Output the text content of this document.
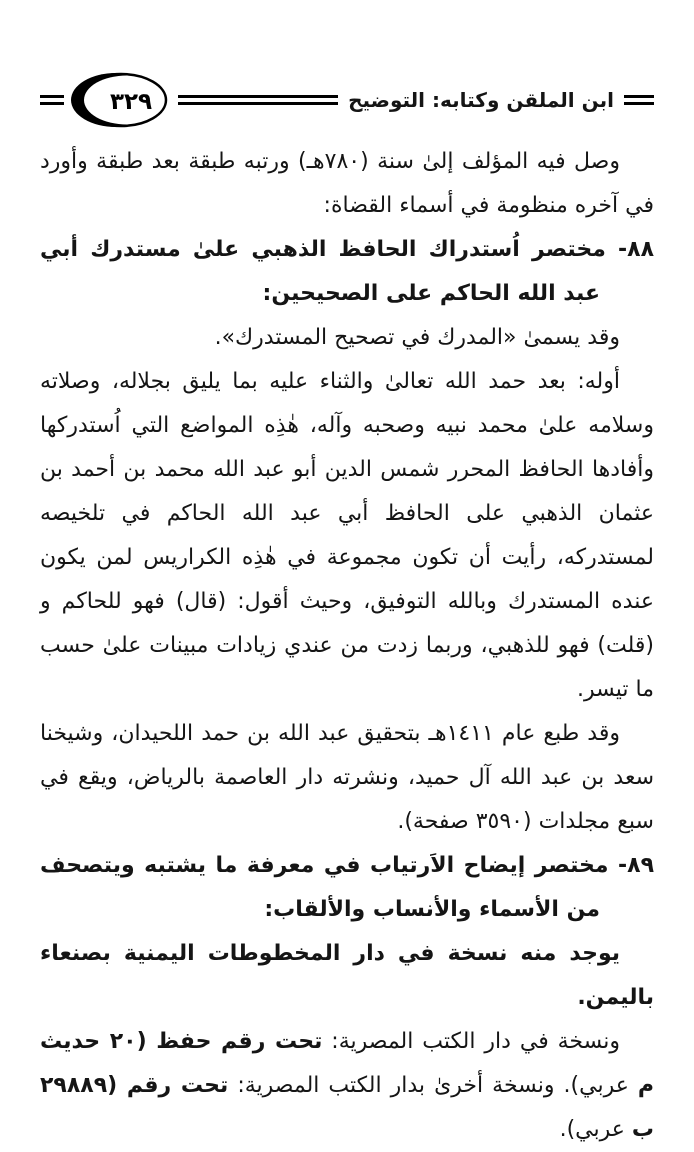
ابن الملقن وكتابه: التوضيح
٣٢٩

وصل فيه المؤلف إلىٰ سنة (٧٨٠هـ) ورتبه طبقة بعد طبقة وأورد في آخره منظومة في أسماء القضاة:

٨٨- مختصر اُستدراك الحافظ الذهبي علىٰ مستدرك أبي عبد الله الحاكم على الصحيحين:

وقد يسمىٰ «المدرك في تصحيح المستدرك».

أوله: بعد حمد الله تعالىٰ والثناء عليه بما يليق بجلاله، وصلاته وسلامه علىٰ محمد نبيه وصحبه وآله، هٰذِه المواضع التي اُستدركها وأفادها الحافظ المحرر شمس الدين أبو عبد الله محمد بن أحمد بن عثمان الذهبي على الحافظ أبي عبد الله الحاكم في تلخيصه لمستدركه، رأيت أن تكون مجموعة في هٰذِه الكراريس لمن يكون عنده المستدرك وبالله التوفيق، وحيث أقول: (قال) فهو للحاكم و (قلت) فهو للذهبي، وربما زدت من عندي زيادات مبينات علىٰ حسب ما تيسر.

وقد طبع عام ١٤١١هـ بتحقيق عبد الله بن حمد اللحيدان، وشيخنا سعد بن عبد الله آل حميد، ونشرته دار العاصمة بالرياض، ويقع في سبع مجلدات (٣٥٩٠ صفحة).

٨٩- مختصر إيضاح الاَرتياب في معرفة ما يشتبه ويتصحف من الأسماء والأنساب والألقاب:

يوجد منه نسخة في دار المخطوطات اليمنية بصنعاء باليمن.

ونسخة في دار الكتب المصرية: تحت رقم حفظ (٢٠ حديث م عربي). ونسخة أخرىٰ بدار الكتب المصرية: تحت رقم (٢٩٨٨٩ ب عربي).
